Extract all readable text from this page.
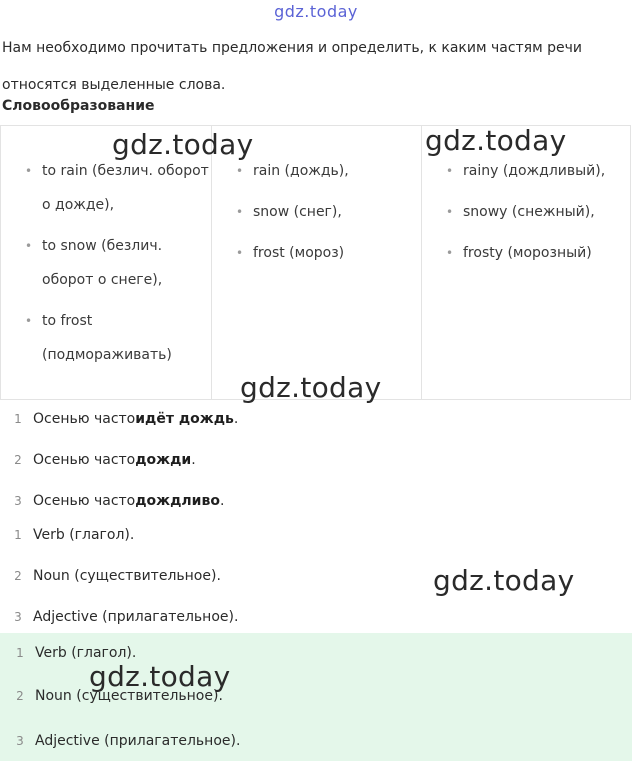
gdz.today
Нам необходимо прочитать предложения и определить, к каким частям речи относятся выделенные слова.
Словообразование
• to rain (безлич. оборот о дожде),
• to snow (безлич. оборот о снеге),
• to frost (подмораживать)
• rain (дождь),
• snow (снег),
• frost (мороз)
• rainy (дождливый),
• snowy (снежный),
• frosty (морозный)
1 Осенью часто идёт дождь .
2 Осенью часто дожди .
3 Осенью часто дождливо .
1 Verb (глагол).
2 Noun (существительное).
3 Adjective (прилагательное).
1 Verb (глагол).
2 Noun (существительное).
3 Adjective (прилагательное).
gdz.today	gdz.today
gdz.today
gdz.today
gdz.today
